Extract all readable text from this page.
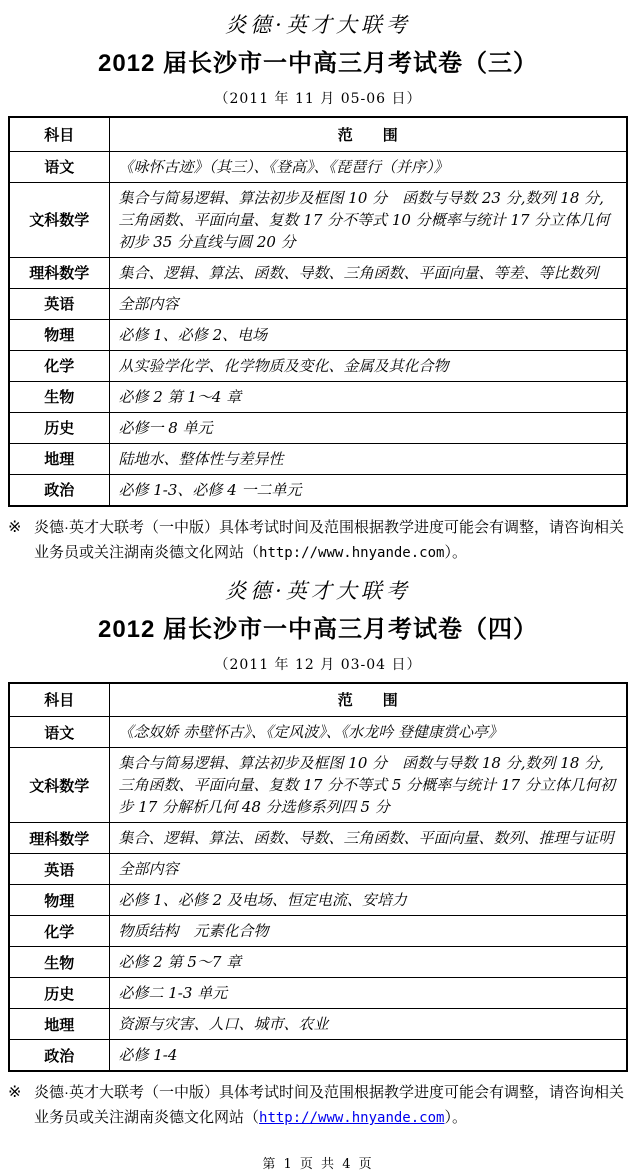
炎德·英才大联考
2012 届长沙市一中高三月考试卷（三）
（2011 年 11 月 05-06 日）
科目	范　　围
语文	《咏怀古迹》（其三）、《登高》、《琵琶行（并序）》
文科数学	集合与简易逻辑、算法初步及框图 10 分　函数与导数 23 分,数列 18 分,三角函数、平面向量、复数 17 分不等式 10 分概率与统计 17 分立体几何初步 35 分直线与圆 20 分
理科数学	集合、逻辑、算法、函数、导数、三角函数、平面向量、等差、等比数列
英语	全部内容
物理	必修 1、必修 2、电场
化学	从实验学化学、化学物质及变化、金属及其化合物
生物	必修 2 第 1～4 章
历史	必修一 8 单元
地理	陆地水、整体性与差异性
政治	必修 1-3、必修 4 一二单元
※ 炎德·英才大联考（一中版）具体考试时间及范围根据教学进度可能会有调整，请咨询相关业务员或关注湖南炎德文化网站（http://www.hnyande.com）。
炎德·英才大联考
2012 届长沙市一中高三月考试卷（四）
（2011 年 12 月 03-04 日）
科目	范　　围
语文	《念奴娇 赤壁怀古》、《定风波》、《水龙吟 登健康赏心亭》
文科数学	集合与简易逻辑、算法初步及框图 10 分　函数与导数 18 分,数列 18 分,三角函数、平面向量、复数 17 分不等式 5 分概率与统计 17 分立体几何初步 17 分解析几何 48 分选修系列四 5 分
理科数学	集合、逻辑、算法、函数、导数、三角函数、平面向量、数列、推理与证明
英语	全部内容
物理	必修 1、必修 2 及电场、恒定电流、安培力
化学	物质结构　元素化合物
生物	必修 2 第 5～7 章
历史	必修二 1-3 单元
地理	资源与灾害、人口、城市、农业
政治	必修 1-4
※ 炎德·英才大联考（一中版）具体考试时间及范围根据教学进度可能会有调整，请咨询相关业务员或关注湖南炎德文化网站（http://www.hnyande.com）。
第 1 页 共 4 页
